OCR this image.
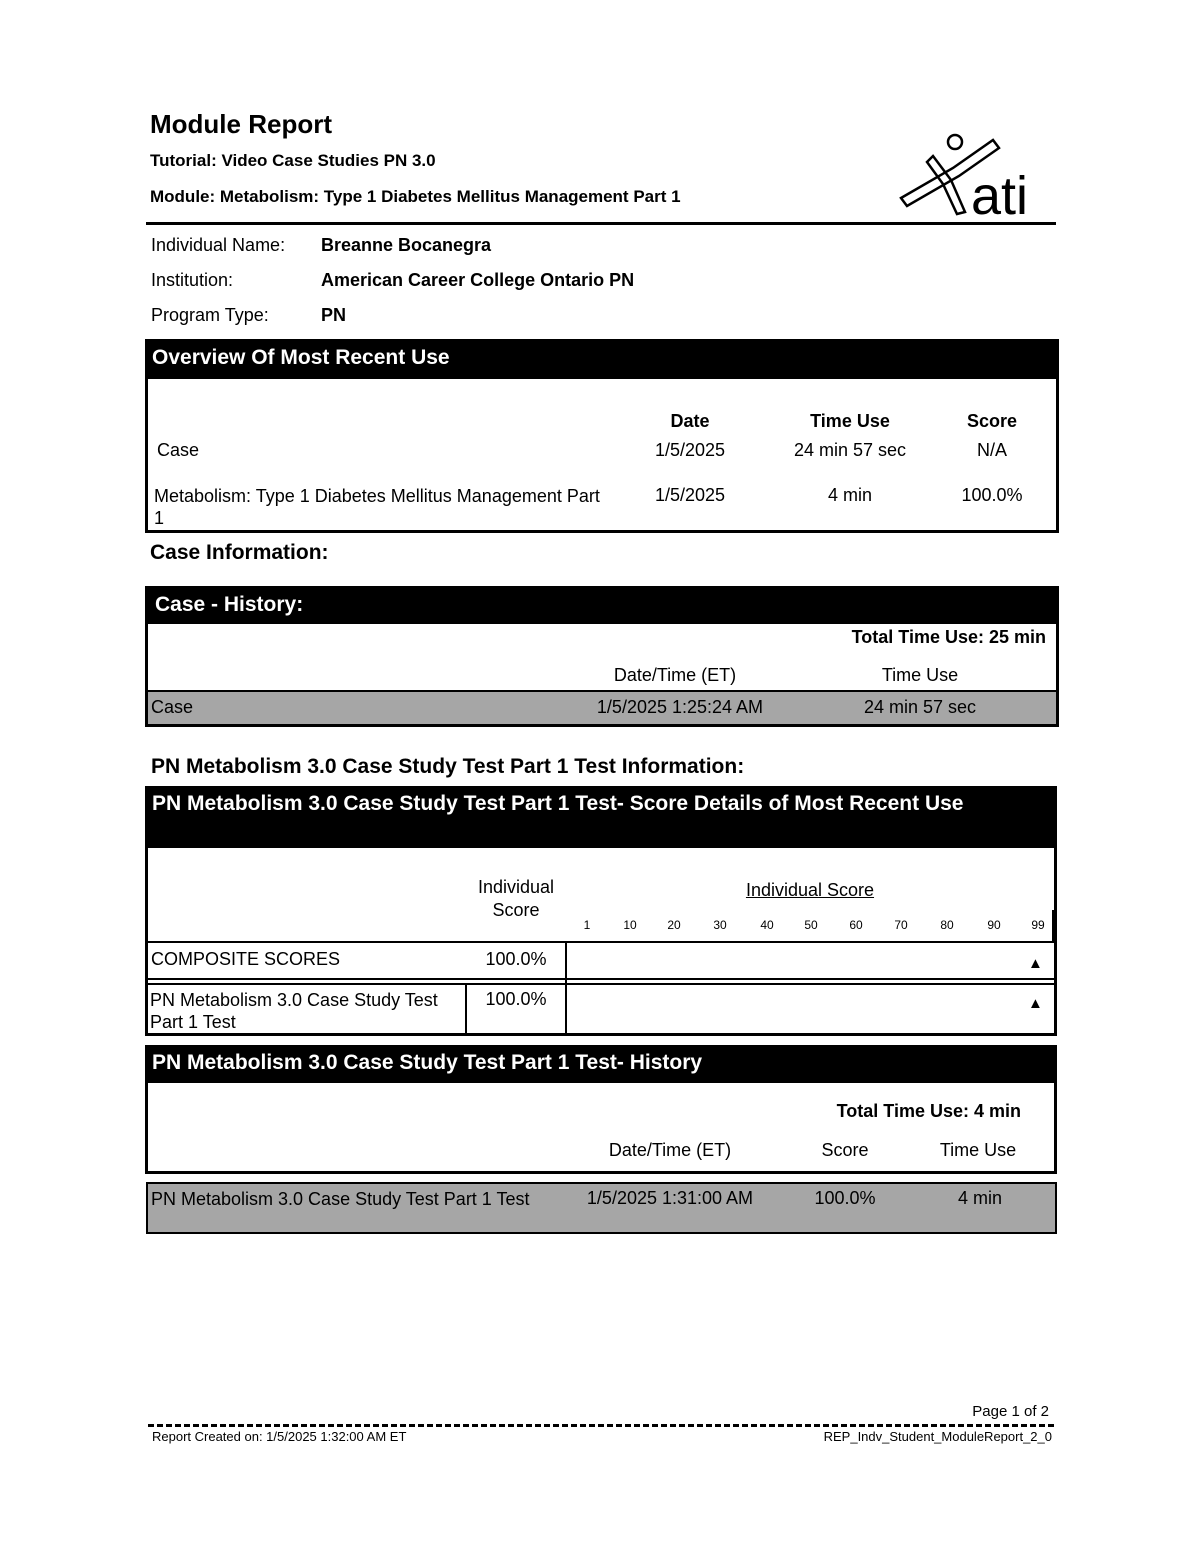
Module Report
Tutorial: Video Case Studies PN 3.0
Module: Metabolism: Type 1 Diabetes Mellitus Management Part 1	ati
Individual Name: Breanne Bocanegra
Institution:	American Career College Ontario PN
Program Type:	PN
Overview Of Most Recent Use
Date	Time Use	Score
Case	1/5/2025	24 min 57 sec	N/A
Metabolism: Type 1 Diabetes Mellitus Management Part 1
1/5/2025	4 min	100.0%
Case Information:
Case - History:
Total Time Use: 25 min
Date/Time (ET)	Time Use
Case	1/5/2025 1:25:24 AM	24 min 57 sec
PN Metabolism 3.0 Case Study Test Part 1 Test Information:
PN Metabolism 3.0 Case Study Test Part 1 Test- Score Details of Most Recent Use
Individual Score
Individual Score
1	10	20	30	40	50	60	70	80	90	99
COMPOSITE SCORES	100.0%	▲
PN Metabolism 3.0 Case Study Test Part 1 Test
100.0%	▲
PN Metabolism 3.0 Case Study Test Part 1 Test- History
Total Time Use: 4 min
Date/Time (ET)	Score	Time Use
PN Metabolism 3.0 Case Study Test Part 1 Test	1/5/2025 1:31:00 AM	100.0%	4 min
Page 1 of 2
Report Created on: 1/5/2025 1:32:00 AM ET	REP_Indv_Student_ModuleReport_2_0
